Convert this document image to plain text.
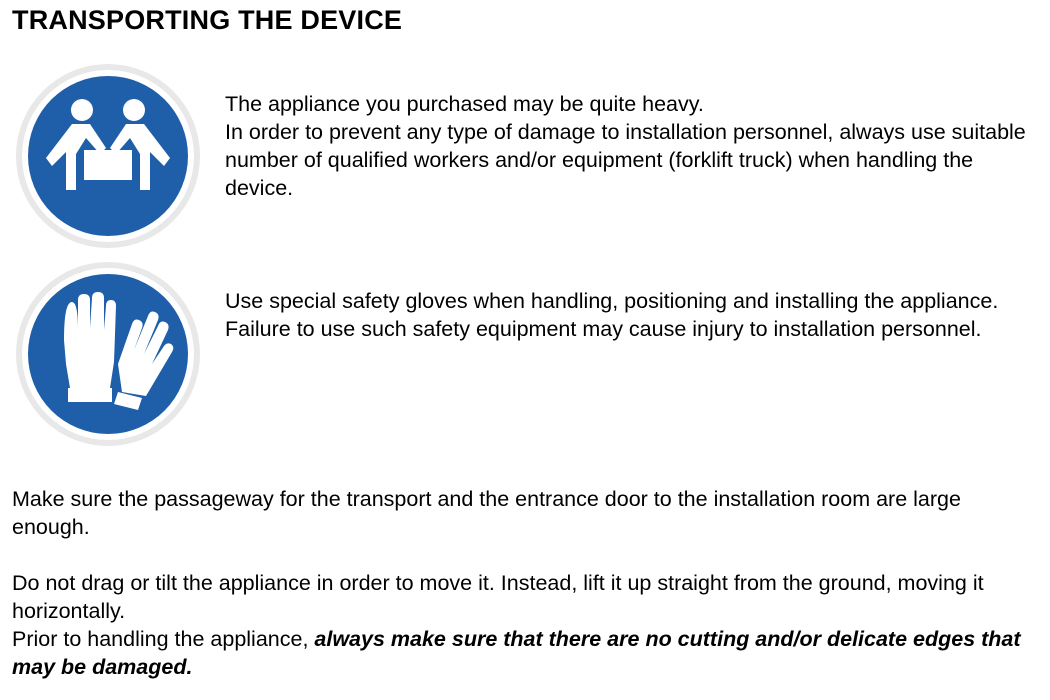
TRANSPORTING THE DEVICE

The appliance you purchased may be quite heavy.

In order to prevent any type of damage to installation personnel, always use suitable number of qualified workers and/or equipment (forklift truck) when handling the device.

Use special safety gloves when handling, positioning and installing the appliance.

Failure to use such safety equipment may cause injury to installation personnel.

Make sure the passageway for the transport and the entrance door to the installation room are large enough.

Do not drag or tilt the appliance in order to move it. Instead, lift it up straight from the ground, moving it horizontally.

Prior to handling the appliance, always make sure that there are no cutting and/or delicate edges that may be damaged.
